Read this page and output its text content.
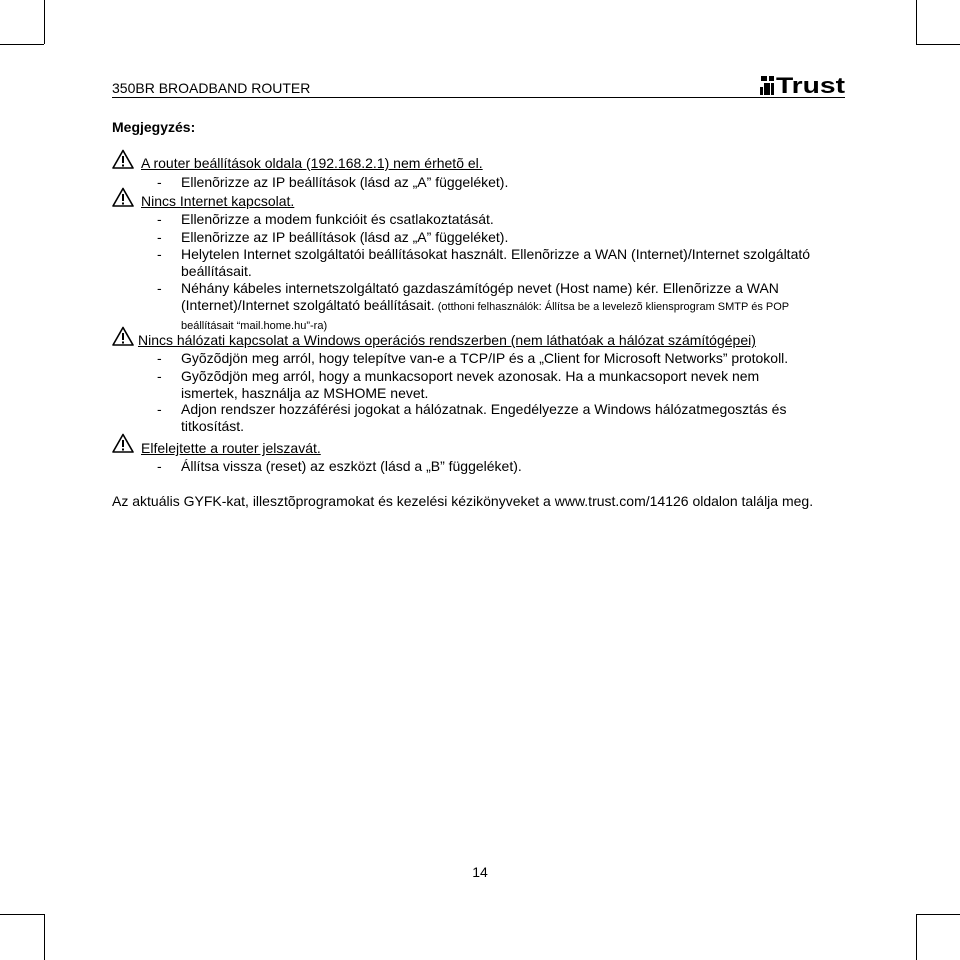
350BR BROADBAND ROUTER	Trust
Megjegyzés:
A router beállítások oldala (192.168.2.1) nem érhetõ el.
- Ellenõrizze az IP beállítások (lásd az „A” függeléket).
Nincs Internet kapcsolat.
- Ellenõrizze a modem funkcióit és csatlakoztatását.
- Ellenõrizze az IP beállítások (lásd az „A” függeléket).
- Helytelen Internet szolgáltatói beállításokat használt. Ellenõrizze a WAN (Internet)/Internet szolgáltató beállításait.
- Néhány kábeles internetszolgáltató gazdaszámítógép nevet (Host name) kér. Ellenõrizze a WAN (Internet)/Internet szolgáltató beállításait. (otthoni felhasználók: Állítsa be a levelezõ kliensprogram SMTP és POP beállításait “mail.home.hu”-ra)
Nincs hálózati kapcsolat a Windows operációs rendszerben (nem láthatóak a hálózat számítógépei)
- Gyõzõdjön meg arról, hogy telepítve van-e a TCP/IP és a „Client for Microsoft Networks” protokoll.
- Gyõzõdjön meg arról, hogy a munkacsoport nevek azonosak. Ha a munkacsoport nevek nem ismertek, használja az MSHOME nevet.
- Adjon rendszer hozzáférési jogokat a hálózatnak. Engedélyezze a Windows hálózatmegosztás és titkosítást.
Elfelejtette a router jelszavát.
- Állítsa vissza (reset) az eszközt (lásd a „B” függeléket).
Az aktuális GYFK-kat, illesztõprogramokat és kezelési kézikönyveket a www.trust.com/14126 oldalon találja meg.
14
